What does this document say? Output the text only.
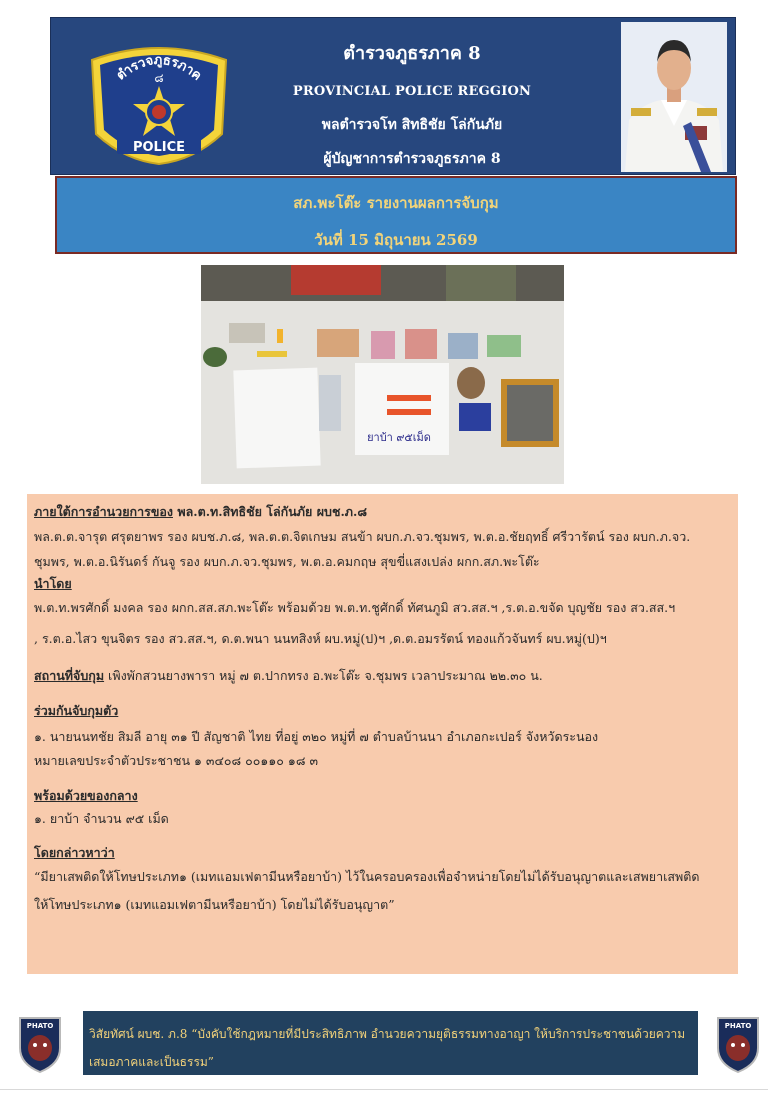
ตำรวจภูธรภาค
๘
POLICE
ตำรวจภูธรภาค 8
PROVINCIAL POLICE REGGION
พลตำรวจโท สิทธิชัย โล่กันภัย
ผู้บัญชาการตำรวจภูธรภาค 8
สภ.พะโต๊ะ รายงานผลการจับกุม
วันที่ 15 มิถุนายน 2569
ยาบ้า ๙๕เม็ด
ภายใต้การอำนวยการของ พล.ต.ท.สิทธิชัย โล่กันภัย ผบช.ภ.๘
พล.ต.ต.จารุต ศรุตยาพร รอง ผบช.ภ.๘, พล.ต.ต.จิตเกษม สนข้า ผบก.ภ.จว.ชุมพร, พ.ต.อ.ชัยฤทธิ์ ศรีวารัตน์ รอง ผบก.ภ.จว.
ชุมพร, พ.ต.อ.นิรันดร์ กันจู รอง ผบก.ภ.จว.ชุมพร, พ.ต.อ.คมกฤษ สุขขี่แสงเปล่ง ผกก.สภ.พะโต๊ะ
นำโดย
พ.ต.ท.พรศักดิ์ มงคล รอง ผกก.สส.สภ.พะโต๊ะ พร้อมด้วย พ.ต.ท.ชูศักดิ์ ทัศนภูมิ สว.สส.ฯ ,ร.ต.อ.ขจัด บุญชัย รอง สว.สส.ฯ
, ร.ต.อ.ไสว ขุนจิตร รอง สว.สส.ฯ, ด.ต.พนา นนทสิงห์ ผบ.หมู่(ป)ฯ ,ด.ต.อมรรัตน์ ทองแก้วจันทร์ ผบ.หมู่(ป)ฯ
สถานที่จับกุม เพิงพักสวนยางพารา หมู่ ๗ ต.ปากทรง อ.พะโต๊ะ จ.ชุมพร เวลาประมาณ ๒๒.๓๐ น.
ร่วมกันจับกุมตัว
๑. นายนนทชัย สิมลี อายุ ๓๑ ปี สัญชาติ ไทย ที่อยู่ ๓๒๐ หมู่ที่ ๗ ตำบลบ้านนา อำเภอกะเปอร์ จังหวัดระนอง
หมายเลขประจำตัวประชาชน ๑ ๓๔๐๘ ๐๐๑๑๐ ๑๘ ๓
พร้อมด้วยของกลาง
๑. ยาบ้า จำนวน ๙๕ เม็ด
โดยกล่าวหาว่า
“มียาเสพติดให้โทษประเภท๑ (เมทแอมเฟตามีนหรือยาบ้า) ไว้ในครอบครองเพื่อจำหน่ายโดยไม่ได้รับอนุญาตและเสพยาเสพติด
ให้โทษประเภท๑ (เมทแอมเฟตามีนหรือยาบ้า) โดยไม่ได้รับอนุญาต”
PHATO
วิสัยทัศน์ ผบช. ภ.8 “บังคับใช้กฎหมายที่มีประสิทธิภาพ อำนวยความยุติธรรมทางอาญา ให้บริการประชาชนด้วยความ
เสมอภาคและเป็นธรรม”
PHATO
